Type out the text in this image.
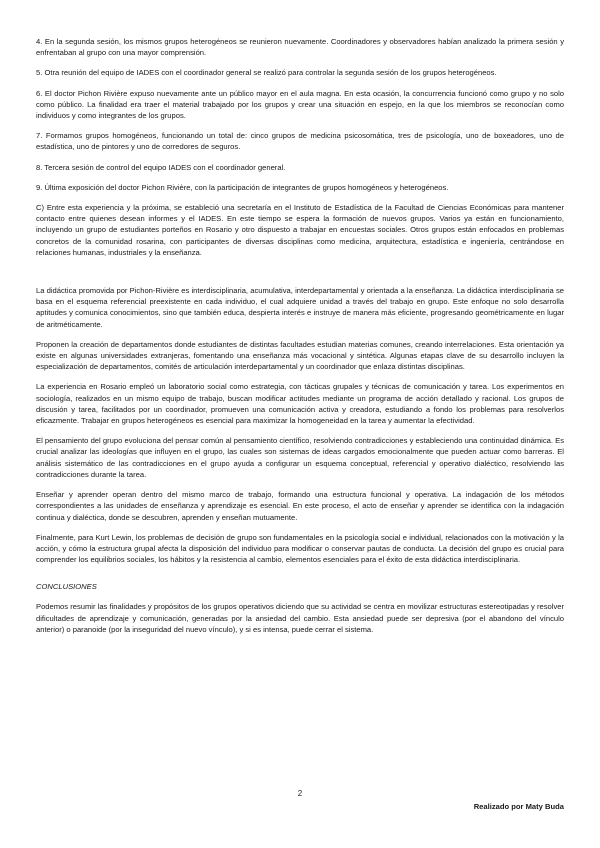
4. En la segunda sesión, los mismos grupos heterogéneos se reunieron nuevamente. Coordinadores y observadores habían analizado la primera sesión y enfrentaban al grupo con una mayor comprensión.

5. Otra reunión del equipo de IADES con el coordinador general se realizó para controlar la segunda sesión de los grupos heterogéneos.

6. El doctor Pichon Rivière expuso nuevamente ante un público mayor en el aula magna. En esta ocasión, la concurrencia funcionó como grupo y no solo como público. La finalidad era traer el material trabajado por los grupos y crear una situación en espejo, en la que los miembros se reconocían como individuos y como integrantes de los grupos.

7. Formamos grupos homogéneos, funcionando un total de: cinco grupos de medicina psicosomática, tres de psicología, uno de boxeadores, uno de estadística, uno de pintores y uno de corredores de seguros.

8. Tercera sesión de control del equipo IADES con el coordinador general.

9. Última exposición del doctor Pichon Rivière, con la participación de integrantes de grupos homogéneos y heterogéneos.

C) Entre esta experiencia y la próxima, se estableció una secretaría en el Instituto de Estadística de la Facultad de Ciencias Económicas para mantener contacto entre quienes desean informes y el IADES. En este tiempo se espera la formación de nuevos grupos. Varios ya están en funcionamiento, incluyendo un grupo de estudiantes porteños en Rosario y otro dispuesto a trabajar en encuestas sociales. Otros grupos están enfocados en problemas concretos de la comunidad rosarina, con participantes de diversas disciplinas como medicina, arquitectura, estadística e ingeniería, centrándose en relaciones humanas, industriales y la enseñanza.

La didáctica promovida por Pichon-Rivière es interdisciplinaria, acumulativa, interdepartamental y orientada a la enseñanza. La didáctica interdisciplinaria se basa en el esquema referencial preexistente en cada individuo, el cual adquiere unidad a través del trabajo en grupo. Este enfoque no solo desarrolla aptitudes y comunica conocimientos, sino que también educa, despierta interés e instruye de manera más eficiente, progresando geométricamente en lugar de aritméticamente.

Proponen la creación de departamentos donde estudiantes de distintas facultades estudian materias comunes, creando interrelaciones. Esta orientación ya existe en algunas universidades extranjeras, fomentando una enseñanza más vocacional y sintética. Algunas etapas clave de su desarrollo incluyen la especialización de departamentos, comités de articulación interdepartamental y un coordinador que enlaza distintas disciplinas.

La experiencia en Rosario empleó un laboratorio social como estrategia, con tácticas grupales y técnicas de comunicación y tarea. Los experimentos en sociología, realizados en un mismo equipo de trabajo, buscan modificar actitudes mediante un programa de acción detallado y racional. Los grupos de discusión y tarea, facilitados por un coordinador, promueven una comunicación activa y creadora, estudiando a fondo los problemas para resolverlos eficazmente. Trabajar en grupos heterogéneos es esencial para maximizar la homogeneidad en la tarea y aumentar la efectividad.

El pensamiento del grupo evoluciona del pensar común al pensamiento científico, resolviendo contradicciones y estableciendo una continuidad dinámica. Es crucial analizar las ideologías que influyen en el grupo, las cuales son sistemas de ideas cargados emocionalmente que pueden actuar como barreras. El análisis sistemático de las contradicciones en el grupo ayuda a configurar un esquema conceptual, referencial y operativo dialéctico, resolviendo las contradicciones durante la tarea.

Enseñar y aprender operan dentro del mismo marco de trabajo, formando una estructura funcional y operativa. La indagación de los métodos correspondientes a las unidades de enseñanza y aprendizaje es esencial. En este proceso, el acto de enseñar y aprender se identifica con la indagación continua y dialéctica, donde se descubren, aprenden y enseñan mutuamente.

Finalmente, para Kurt Lewin, los problemas de decisión de grupo son fundamentales en la psicología social e individual, relacionados con la motivación y la acción, y cómo la estructura grupal afecta la disposición del individuo para modificar o conservar pautas de conducta. La decisión del grupo es crucial para comprender los equilibrios sociales, los hábitos y la resistencia al cambio, elementos esenciales para el éxito de esta didáctica interdisciplinaria.

CONCLUSIONES

Podemos resumir las finalidades y propósitos de los grupos operativos diciendo que su actividad se centra en movilizar estructuras estereotipadas y resolver dificultades de aprendizaje y comunicación, generadas por la ansiedad del cambio. Esta ansiedad puede ser depresiva (por el abandono del vínculo anterior) o paranoide (por la inseguridad del nuevo vínculo), y si es intensa, puede cerrar el sistema.

2
Realizado por Maty Buda
